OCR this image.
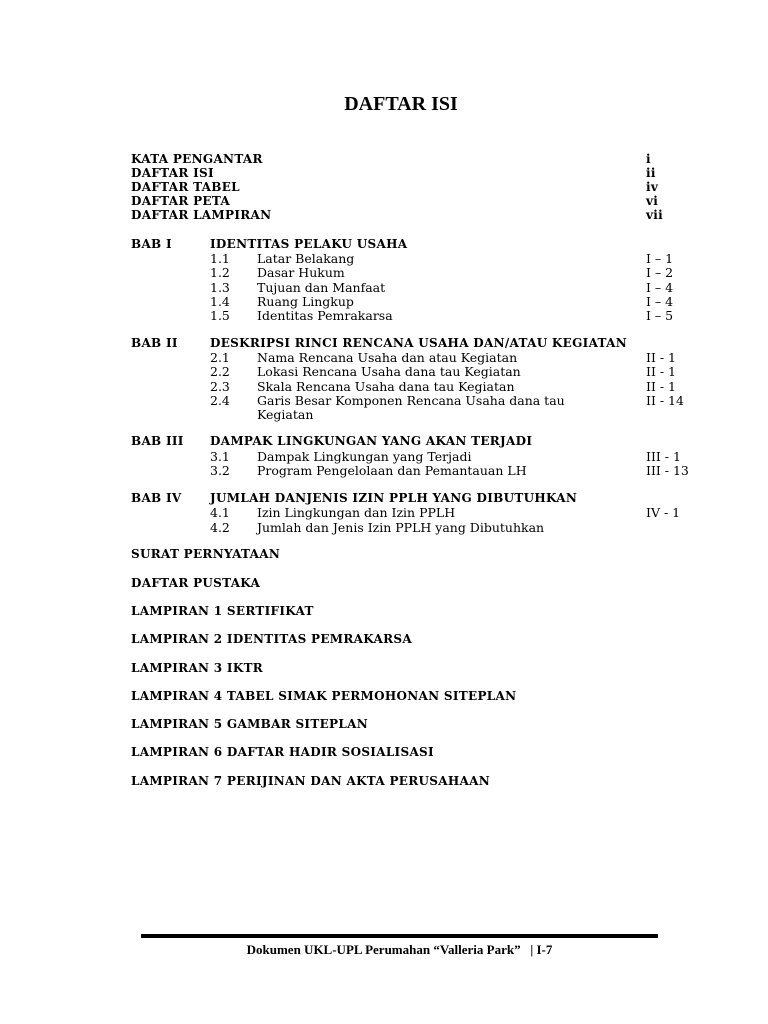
DAFTAR ISI
KATA PENGANTAR	i
DAFTAR ISI	ii
DAFTAR TABEL	iv
DAFTAR PETA	vi
DAFTAR LAMPIRAN	vii
BAB I	IDENTITAS PELAKU USAHA
1.1 Latar Belakang	I – 1
1.2 Dasar Hukum	I – 2
1.3 Tujuan dan Manfaat	I – 4
1.4 Ruang Lingkup	I – 4
1.5 Identitas Pemrakarsa	I – 5
BAB II	DESKRIPSI RINCI RENCANA USAHA DAN/ATAU KEGIATAN
2.1 Nama Rencana Usaha dan atau Kegiatan	II - 1
2.2 Lokasi Rencana Usaha dana tau Kegiatan	II - 1
2.3 Skala Rencana Usaha dana tau Kegiatan	II - 1
2.4 Garis Besar Komponen Rencana Usaha dana tau	II - 14
Kegiatan
BAB III DAMPAK LINGKUNGAN YANG AKAN TERJADI
3.1 Dampak Lingkungan yang Terjadi	III - 1
3.2 Program Pengelolaan dan Pemantauan LH	III - 13
BAB IV JUMLAH DANJENIS IZIN PPLH YANG DIBUTUHKAN
4.1 Izin Lingkungan dan Izin PPLH	IV - 1
4.2 Jumlah dan Jenis Izin PPLH yang Dibutuhkan
SURAT PERNYATAAN
DAFTAR PUSTAKA
LAMPIRAN 1 SERTIFIKAT
LAMPIRAN 2 IDENTITAS PEMRAKARSA
LAMPIRAN 3 IKTR
LAMPIRAN 4 TABEL SIMAK PERMOHONAN SITEPLAN
LAMPIRAN 5 GAMBAR SITEPLAN
LAMPIRAN 6 DAFTAR HADIR SOSIALISASI
LAMPIRAN 7 PERIJINAN DAN AKTA PERUSAHAAN
Dokumen UKL-UPL Perumahan “Valleria Park”   | I-7
